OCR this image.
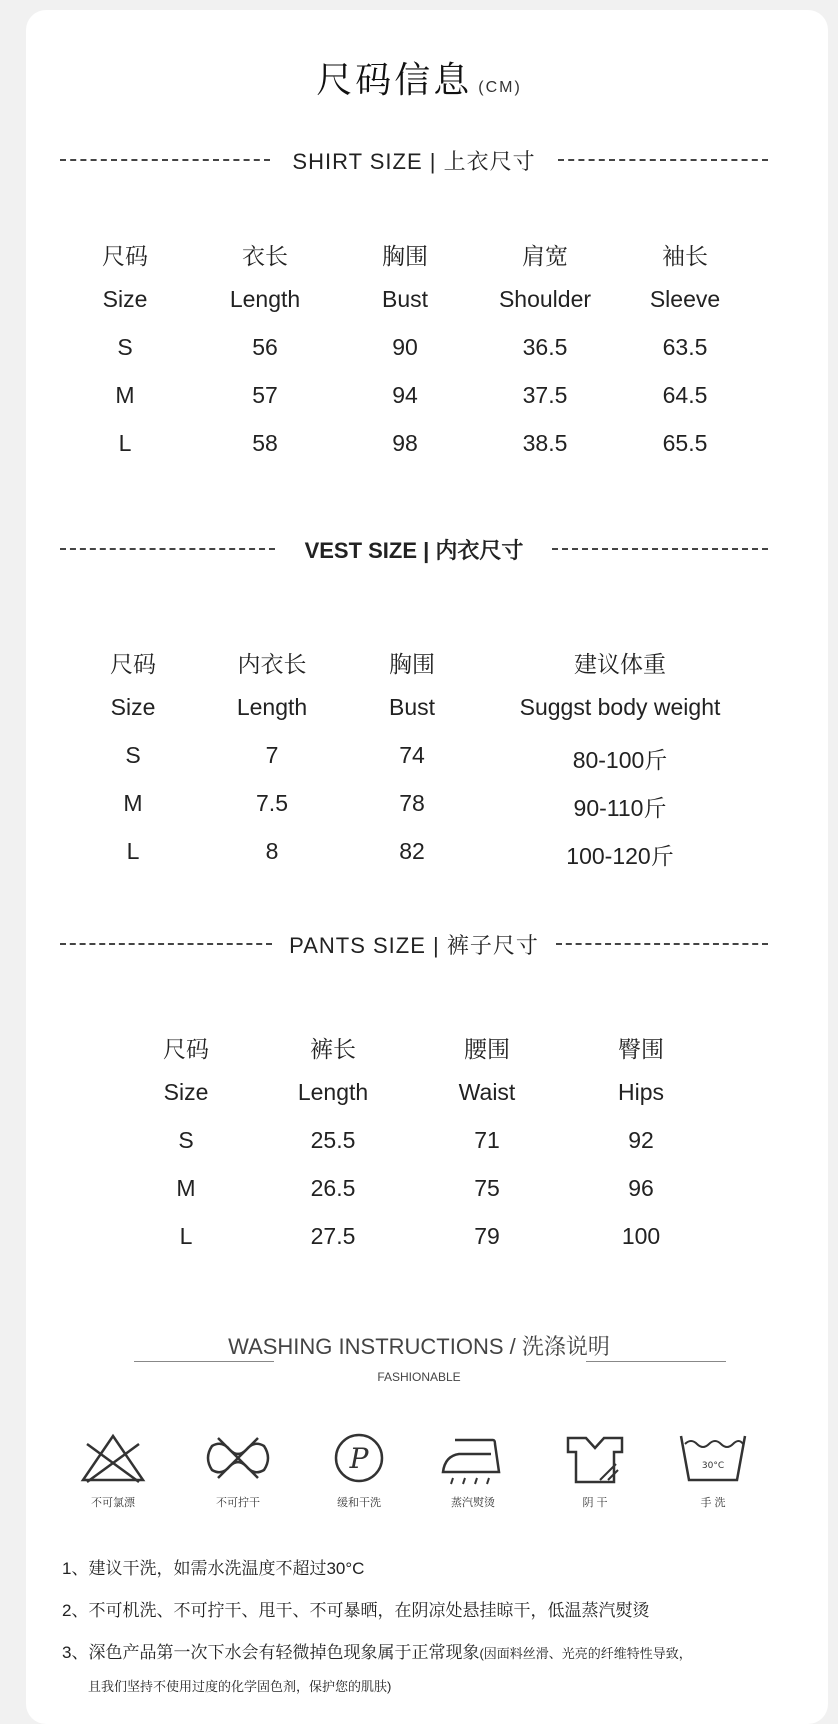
尺码信息 (CM)
SHIRT SIZE | 上衣尺寸
尺码	衣长	胸围	肩宽	袖长
Size	Length	Bust	Shoulder	Sleeve
S	56	90	36.5	63.5
M	57	94	37.5	64.5
L	58	98	38.5	65.5
VEST SIZE | 内衣尺寸
尺码	内衣长	胸围	建议体重
Size	Length	Bust	Suggst body weight
S	7	74	80-100斤
M	7.5	78	90-110斤
L	8	82	100-120斤
PANTS SIZE | 裤子尺寸
尺码	裤长	腰围	臀围
Size	Length	Waist	Hips
S	25.5	71	92
M	26.5	75	96
L	27.5	79	100
WASHING INSTRUCTIONS / 洗涤说明
FASHIONABLE
不可氯漂	不可拧干
P
缓和干洗	蒸汽熨烫	阴 干
30°C
手 洗
1、建议干洗，如需水洗温度不超过30°C
2、不可机洗、不可拧干、甩干、不可暴晒，在阴凉处悬挂晾干，低温蒸汽熨烫
3、深色产品第一次下水会有轻微掉色现象属于正常现象(因面料丝滑、光亮的纤维特性导致，
且我们坚持不使用过度的化学固色剂，保护您的肌肤)
